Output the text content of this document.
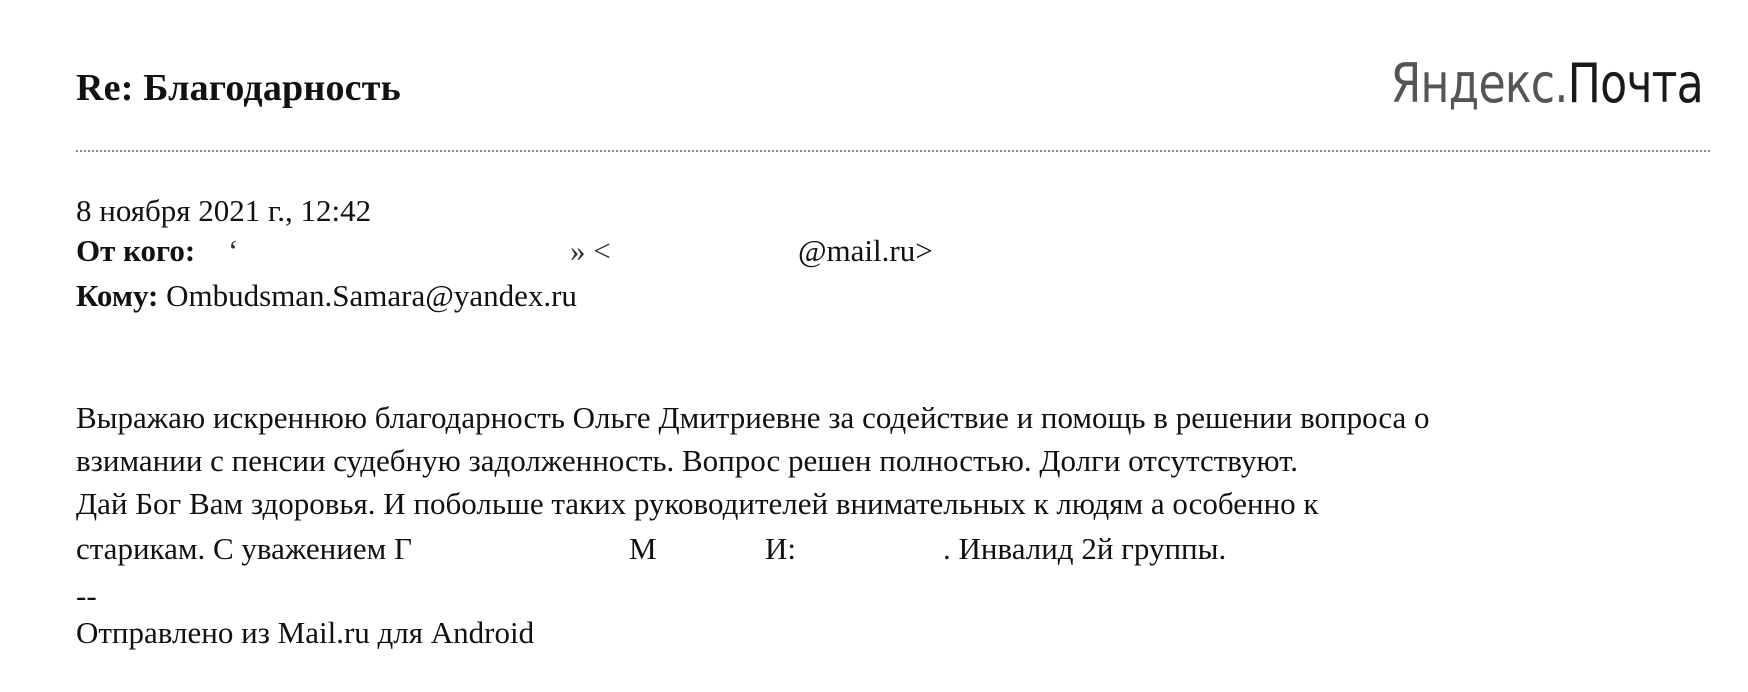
Re: Благодарность	Яндекс.Почта
8 ноября 2021 г., 12:42
От кого: ʻ	» <	@mail.ru>
Кому: Ombudsman.Samara@yandex.ru
Выражаю искреннюю благодарность Ольге Дмитриевне за содействие и помощь в решении вопроса о
взимании с пенсии судебную задолженность. Вопрос решен полностью. Долги отсутствуют.
Дай Бог Вам здоровья. И побольше таких руководителей внимательных к людям а особенно к
старикам. С уважением Г	М	И:	. Инвалид 2й группы.
--
Отправлено из Mail.ru для Android
